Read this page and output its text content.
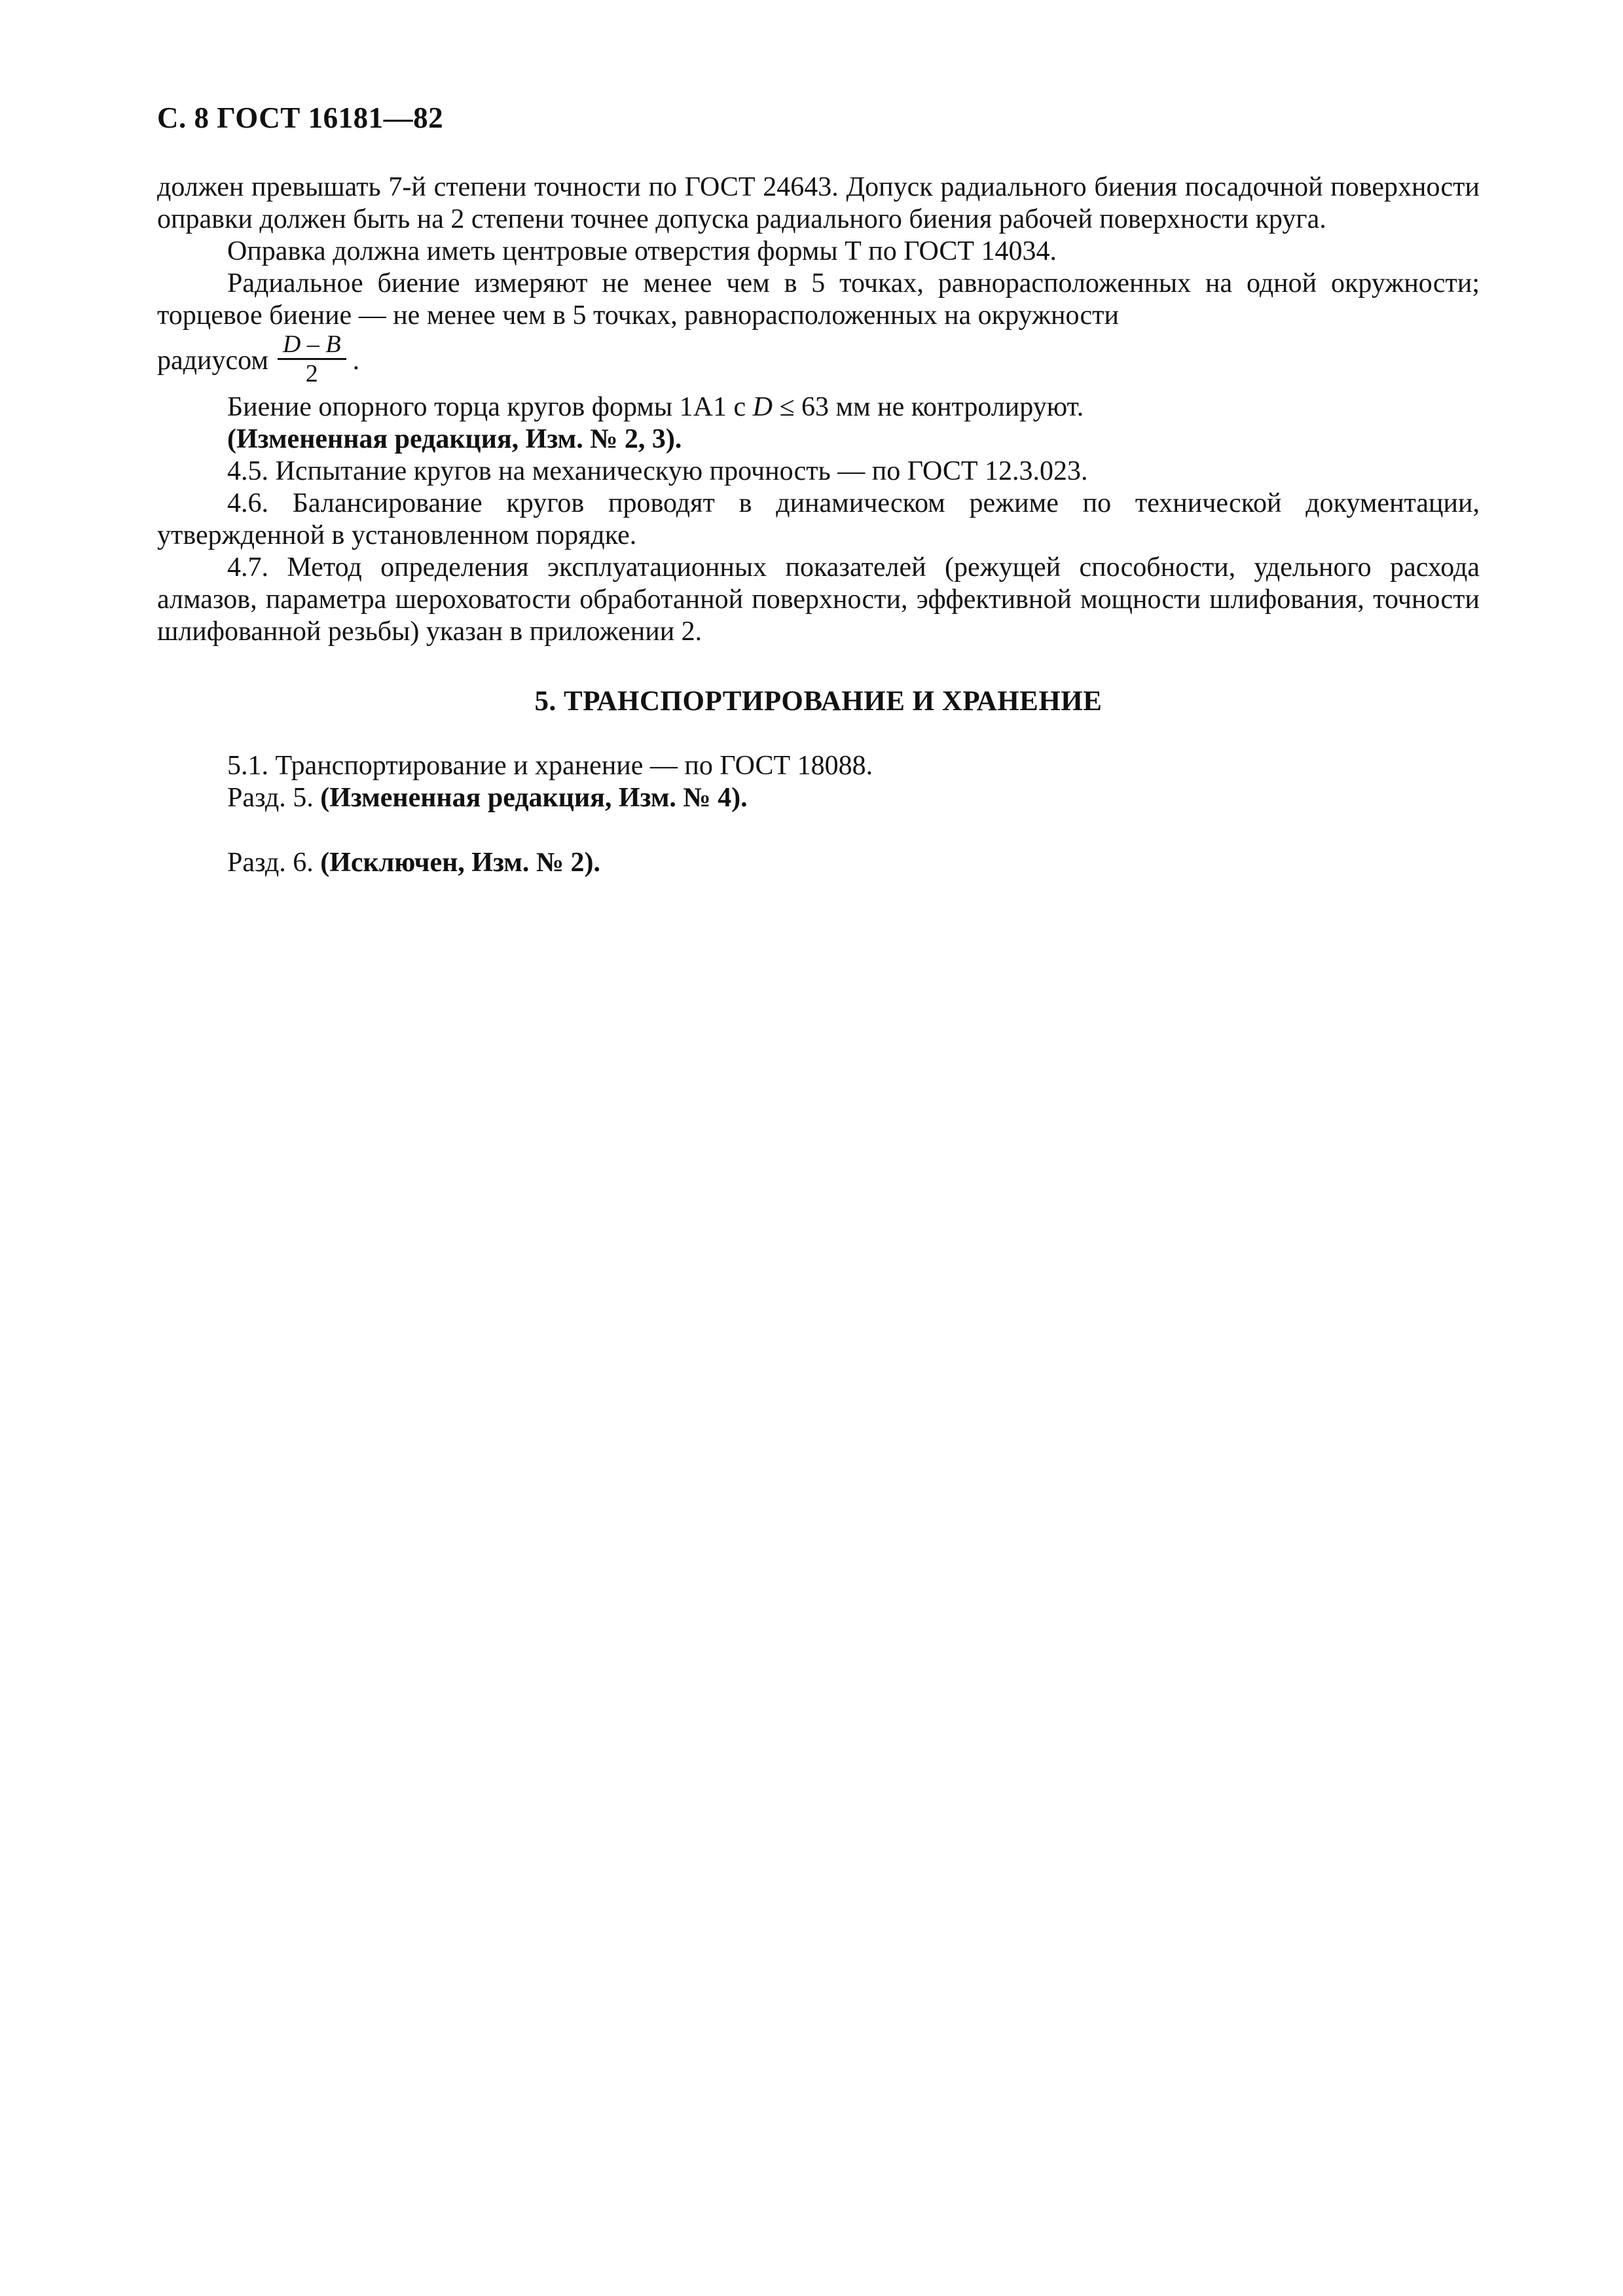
С. 8 ГОСТ 16181—82

должен превышать 7-й степени точности по ГОСТ 24643. Допуск радиального биения посадочной поверхности оправки должен быть на 2 степени точнее допуска радиального биения рабочей поверхности круга.

Оправка должна иметь центровые отверстия формы Т по ГОСТ 14034.

Радиальное биение измеряют не менее чем в 5 точках, равнорасположенных на одной окружности; торцевое биение — не менее чем в 5 точках, равнорасположенных на окружности

радиусом $\frac{D - B}{2}$ .

Биение опорного торца кругов формы 1А1 с D ≤ 63 мм не контролируют.

(Измененная редакция, Изм. № 2, 3).

4.5. Испытание кругов на механическую прочность — по ГОСТ 12.3.023.

4.6. Балансирование кругов проводят в динамическом режиме по технической документации, утвержденной в установленном порядке.

4.7. Метод определения эксплуатационных показателей (режущей способности, удельного расхода алмазов, параметра шероховатости обработанной поверхности, эффективной мощности шлифования, точности шлифованной резьбы) указан в приложении 2.

5. ТРАНСПОРТИРОВАНИЕ И ХРАНЕНИЕ

5.1. Транспортирование и хранение — по ГОСТ 18088.

Разд. 5. (Измененная редакция, Изм. № 4).

Разд. 6. (Исключен, Изм. № 2).
